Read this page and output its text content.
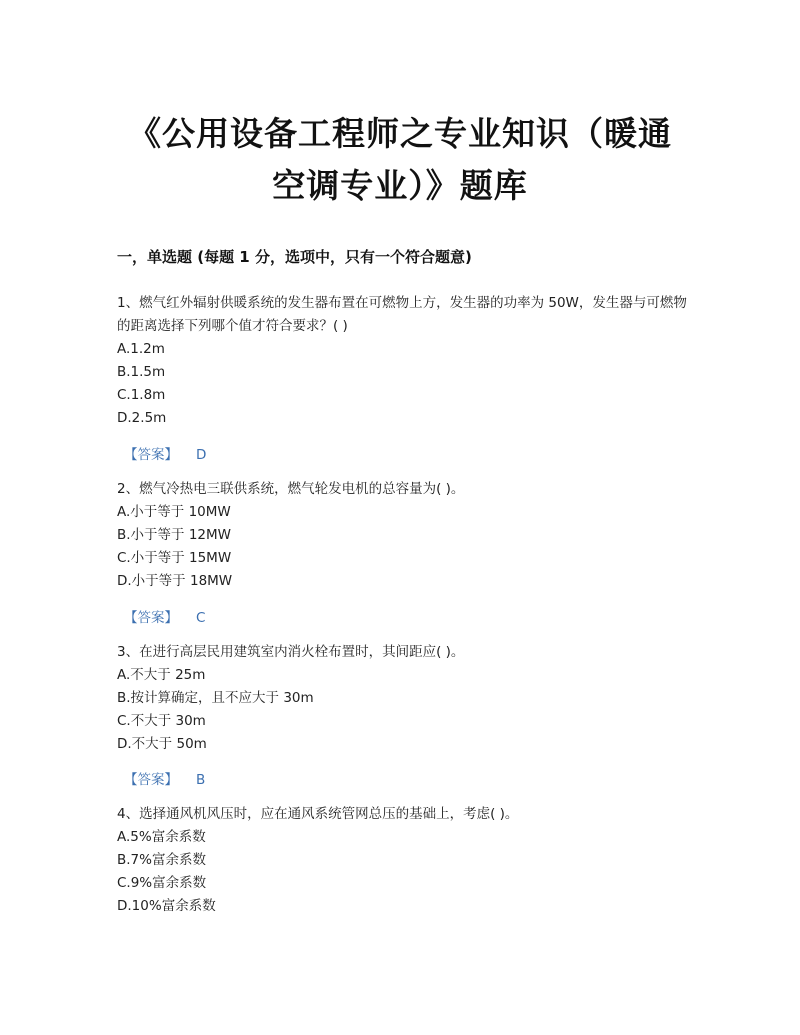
《公用设备工程师之专业知识（暖通
空调专业）》题库
一，单选题 (每题 1 分，选项中，只有一个符合题意)
1、燃气红外辐射供暖系统的发生器布置在可燃物上方，发生器的功率为 50W，发生器与可燃物的距离选择下列哪个值才符合要求？( )
A.1.2m
B.1.5m
C.1.8m
D.2.5m
【答案】 D
2、燃气冷热电三联供系统，燃气轮发电机的总容量为( )。
A.小于等于 10MW
B.小于等于 12MW
C.小于等于 15MW
D.小于等于 18MW
【答案】 C
3、在进行高层民用建筑室内消火栓布置时，其间距应( )。
A.不大于 25m
B.按计算确定，且不应大于 30m
C.不大于 30m
D.不大于 50m
【答案】 B
4、选择通风机风压时，应在通风系统管网总压的基础上，考虑( )。
A.5%富余系数
B.7%富余系数
C.9%富余系数
D.10%富余系数
